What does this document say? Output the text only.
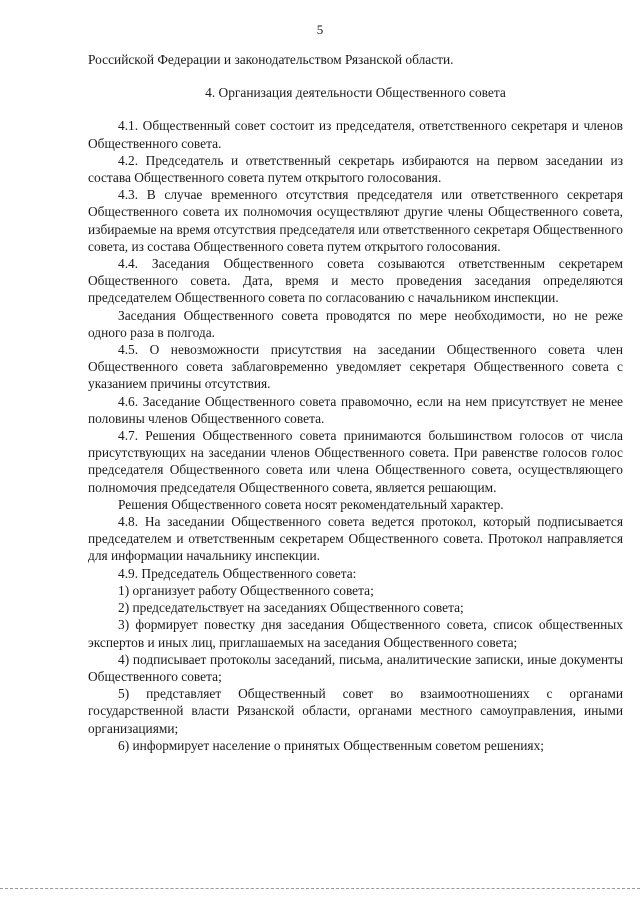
5

Российской Федерации и законодательством Рязанской области.

4. Организация деятельности Общественного совета

4.1. Общественный совет состоит из председателя, ответственного секретаря и членов Общественного совета.

4.2. Председатель и ответственный секретарь избираются на первом заседании из состава Общественного совета путем открытого голосования.

4.3. В случае временного отсутствия председателя или ответственного секретаря Общественного совета их полномочия осуществляют другие члены Общественного совета, избираемые на время отсутствия председателя или ответственного секретаря Общественного совета, из состава Общественного совета путем открытого голосования.

4.4. Заседания Общественного совета созываются ответственным секретарем Общественного совета. Дата, время и место проведения заседания определяются председателем Общественного совета по согласованию с начальником инспекции.

Заседания Общественного совета проводятся по мере необходимости, но не реже одного раза в полгода.

4.5. О невозможности присутствия на заседании Общественного совета член Общественного совета заблаговременно уведомляет секретаря Общественного совета с указанием причины отсутствия.

4.6. Заседание Общественного совета правомочно, если на нем присутствует не менее половины членов Общественного совета.

4.7. Решения Общественного совета принимаются большинством голосов от числа присутствующих на заседании членов Общественного совета. При равенстве голосов голос председателя Общественного совета или члена Общественного совета, осуществляющего полномочия председателя Общественного совета, является решающим.

Решения Общественного совета носят рекомендательный характер.

4.8. На заседании Общественного совета ведется протокол, который подписывается председателем и ответственным секретарем Общественного совета. Протокол направляется для информации начальнику инспекции.

4.9. Председатель Общественного совета:

1) организует работу Общественного совета;

2) председательствует на заседаниях Общественного совета;

3) формирует повестку дня заседания Общественного совета, список общественных экспертов и иных лиц, приглашаемых на заседания Общественного совета;

4) подписывает протоколы заседаний, письма, аналитические записки, иные документы Общественного совета;

5) представляет Общественный совет во взаимоотношениях с органами государственной власти Рязанской области, органами местного самоуправления, иными организациями;

6) информирует население о принятых Общественным советом решениях;
